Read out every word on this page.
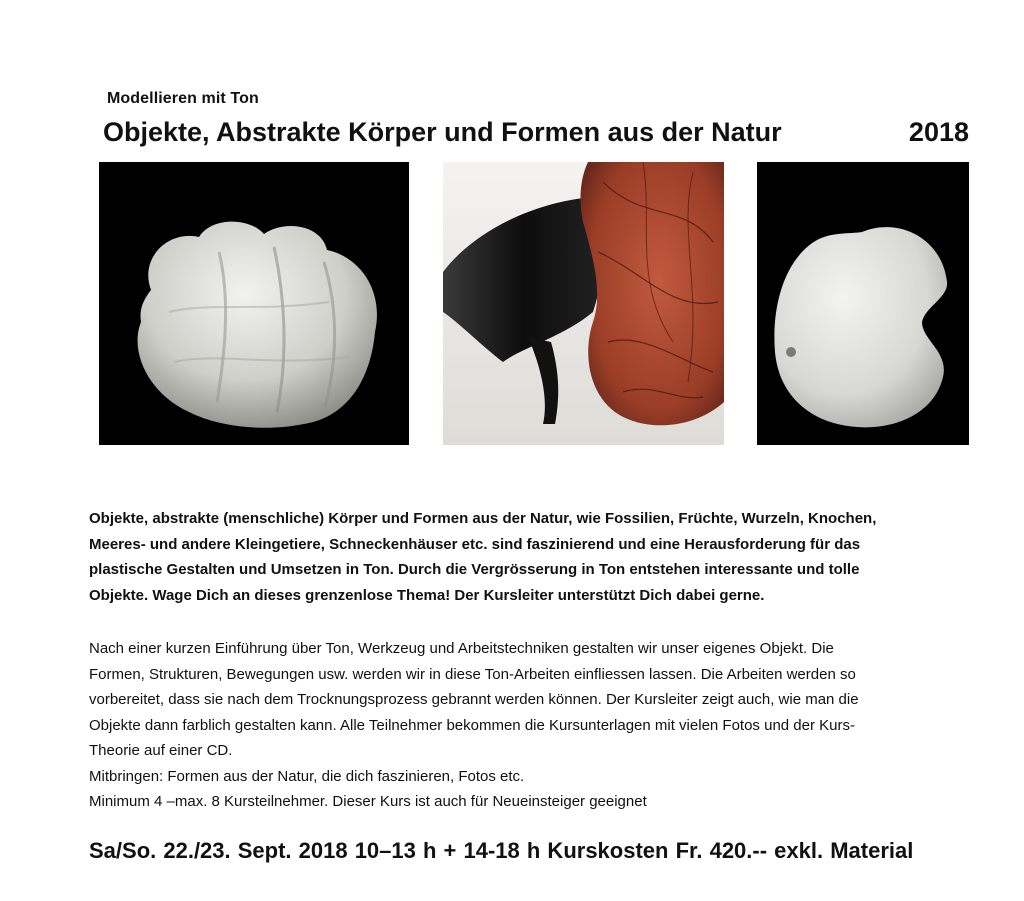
Modellieren mit Ton
Objekte, Abstrakte Körper und Formen aus der Natur	2018

Objekte, abstrakte (menschliche) Körper und Formen aus der Natur, wie Fossilien, Früchte, Wurzeln, Knochen,

Meeres- und andere Kleingetiere, Schneckenhäuser etc. sind faszinierend und eine Herausforderung für das

plastische Gestalten und Umsetzen in Ton. Durch die Vergrösserung in Ton entstehen interessante und tolle

Objekte. Wage Dich an dieses grenzenlose Thema! Der Kursleiter unterstützt Dich dabei gerne.

Nach einer kurzen Einführung über Ton, Werkzeug und Arbeitstechniken gestalten wir unser eigenes Objekt. Die

Formen, Strukturen, Bewegungen usw. werden wir in diese Ton-Arbeiten einfliessen lassen. Die Arbeiten werden so

vorbereitet, dass sie nach dem Trocknungsprozess gebrannt werden können. Der Kursleiter zeigt auch, wie man die

Objekte dann farblich gestalten kann. Alle Teilnehmer bekommen die Kursunterlagen mit vielen Fotos und der Kurs-

Theorie auf einer CD.

Mitbringen: Formen aus der Natur, die dich faszinieren, Fotos etc.

Minimum 4 –max. 8 Kursteilnehmer. Dieser Kurs ist auch für Neueinsteiger geeignet

Sa/So. 22./23. Sept. 2018 10–13 h + 14-18 h Kurskosten Fr. 420.-- exkl. Material
